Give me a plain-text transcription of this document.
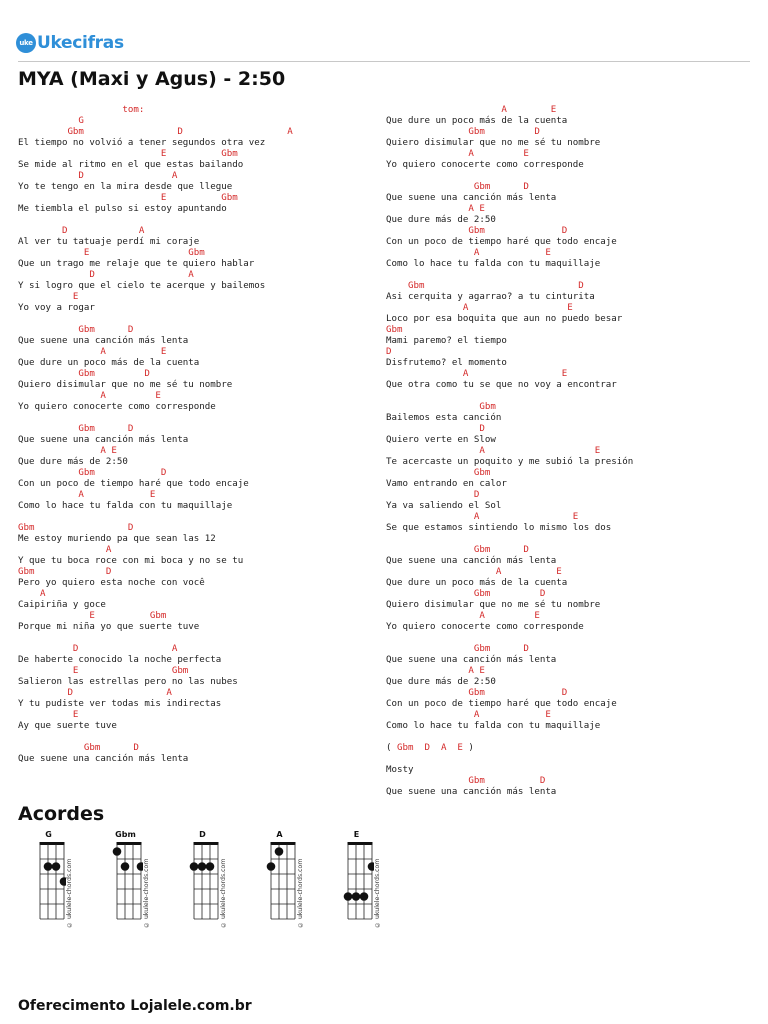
uke Ukecifras
MYA (Maxi y Agus) - 2:50
tom:
G
Gbm                 D                   A
El tiempo no volvió a tener segundos otra vez
E          Gbm
Se mide al ritmo en el que estas bailando
D                A
Yo te tengo en la mira desde que llegue
E          Gbm
Me tiembla el pulso si estoy apuntando
D             A
Al ver tu tatuaje perdí mi coraje
E                  Gbm
Que un trago me relaje que te quiero hablar
D                 A
Y si logro que el cielo te acerque y bailemos
E
Yo voy a rogar
Gbm      D
Que suene una canción más lenta
A          E
Que dure un poco más de la cuenta
Gbm         D
Quiero disimular que no me sé tu nombre
A         E
Yo quiero conocerte como corresponde
Gbm      D
Que suene una canción más lenta
A E
Que dure más de 2:50
Gbm            D
Con un poco de tiempo haré que todo encaje
A            E
Como lo hace tu falda con tu maquillaje
Gbm                 D
Me estoy muriendo pa que sean las 12
A
Y que tu boca roce con mi boca y no se tu
Gbm             D
Pero yo quiero esta noche con você
A
Caipiriña y goce
E          Gbm
Porque mi niña yo que suerte tuve
D                 A
De haberte conocido la noche perfecta
E                 Gbm
Salieron las estrellas pero no las nubes
D                 A
Y tu pudiste ver todas mis indirectas
E
Ay que suerte tuve
Gbm      D
Que suene una canción más lenta
A        E
Que dure un poco más de la cuenta
Gbm         D
Quiero disimular que no me sé tu nombre
A         E
Yo quiero conocerte como corresponde
Gbm      D
Que suene una canción más lenta
A E
Que dure más de 2:50
Gbm              D
Con un poco de tiempo haré que todo encaje
A            E
Como lo hace tu falda con tu maquillaje
Gbm                            D
Asi cerquita y agarrao? a tu cinturita
A                  E
Loco por esa boquita que aun no puedo besar
Gbm
Mami paremo? el tiempo
D
Disfrutemo? el momento
A                 E
Que otra como tu se que no voy a encontrar
Gbm
Bailemos esta canción
D
Quiero verte en Slow
A                    E
Te acercaste un poquito y me subió la presión
Gbm
Vamo entrando en calor
D
Ya va saliendo el Sol
A                 E
Se que estamos sintiendo lo mismo los dos
Gbm      D
Que suene una canción más lenta
A          E
Que dure un poco más de la cuenta
Gbm         D
Quiero disimular que no me sé tu nombre
A         E
Yo quiero conocerte como corresponde
Gbm      D
Que suene una canción más lenta
A E
Que dure más de 2:50
Gbm              D
Con un poco de tiempo haré que todo encaje
A            E
Como lo hace tu falda con tu maquillaje
( Gbm  D  A  E )
Mosty
Gbm          D
Que suene una canción más lenta
Acordes
G
© ukulele-chords.com
Gbm
© ukulele-chords.com
D
© ukulele-chords.com
A
© ukulele-chords.com
E
© ukulele-chords.com
Oferecimento Lojalele.com.br
